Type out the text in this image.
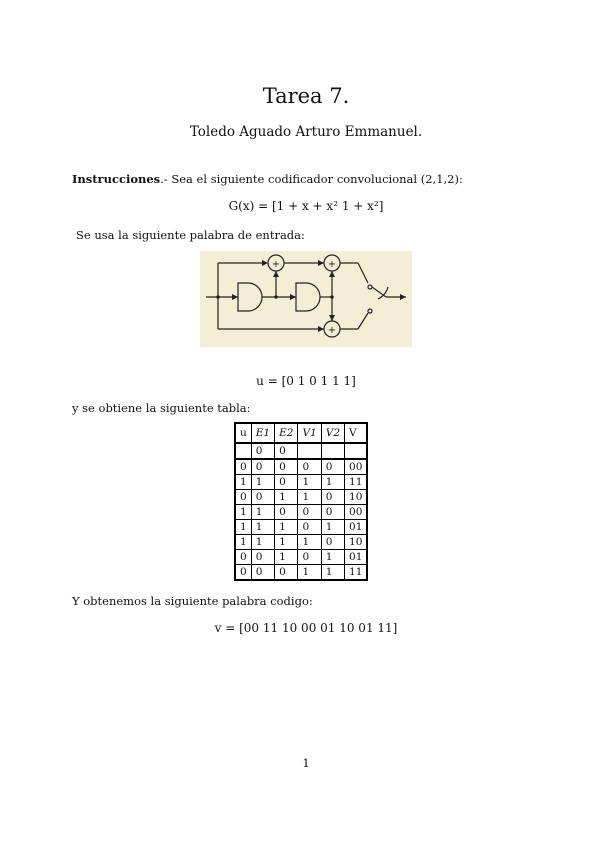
Tarea 7.
Toledo Aguado Arturo Emmanuel.
Instrucciones.- Sea el siguiente codificador convolucional (2,1,2):
G(x) = [1 + x + x² 1 + x²]
Se usa la siguiente palabra de entrada:
+	+
+
u = [0 1 0 1 1 1]
y se obtiene la siguiente tabla:
u	E1	E2	V1	V2	V
	0	0			
0	0	0	0	0	00
1	1	0	1	1	11
0	0	1	1	0	10
1	1	0	0	0	00
1	1	1	0	1	01
1	1	1	1	0	10
0	0	1	0	1	01
0	0	0	1	1	11
Y obtenemos la siguiente palabra codigo:
v = [00 11 10 00 01 10 01 11]
1
